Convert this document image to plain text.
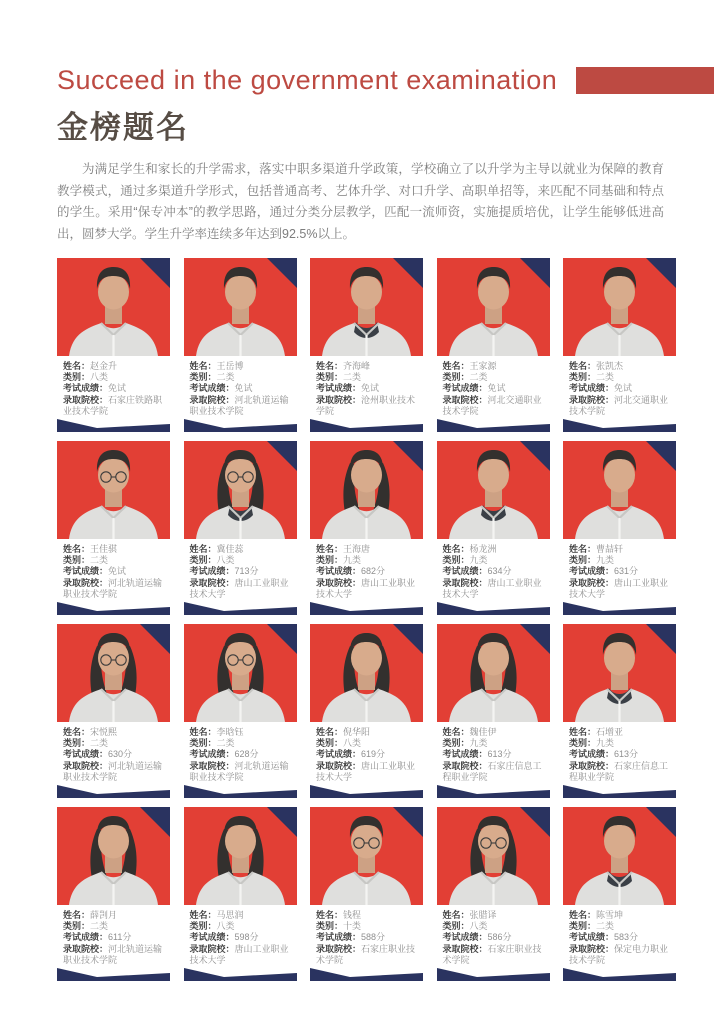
Succeed in the government examination
金榜题名

为满足学生和家长的升学需求，落实中职多渠道升学政策，学校确立了以升学为主导以就业为保障的教育教学模式，通过多渠道升学形式，包括普通高考、艺体升学、对口升学、高职单招等，来匹配不同基础和特点的学生。采用“保专冲本”的教学思路，通过分类分层教学，匹配一流师资，实施提质培优，让学生能够低进高出，圆梦大学。学生升学率连续多年达到92.5%以上。

姓名：赵金升
类别：八类
考试成绩：免试
录取院校：石家庄铁路职业技术学院
姓名：王岳博
类别：二类
考试成绩：免试
录取院校：河北轨道运输职业技术学院
姓名：齐海峰
类别：二类
考试成绩：免试
录取院校：沧州职业技术学院
姓名：王家源
类别：二类
考试成绩：免试
录取院校：河北交通职业技术学院
姓名：张凯杰
类别：二类
考试成绩：免试
录取院校：河北交通职业技术学院
姓名：王佳骐
类别：二类
考试成绩：免试
录取院校：河北轨道运输职业技术学院
姓名：冀佳蕊
类别：八类
考试成绩：713分
录取院校：唐山工业职业技术大学
姓名：王海唐
类别：九类
考试成绩：682分
录取院校：唐山工业职业技术大学
姓名：杨龙洲
类别：九类
考试成绩：634分
录取院校：唐山工业职业技术大学
姓名：曹喆轩
类别：九类
考试成绩：631分
录取院校：唐山工业职业技术大学
姓名：宋悦熙
类别：二类
考试成绩：630分
录取院校：河北轨道运输职业技术学院
姓名：李晗钰
类别：二类
考试成绩：628分
录取院校：河北轨道运输职业技术学院
姓名：倪华阳
类别：八类
考试成绩：619分
录取院校：唐山工业职业技术大学
姓名：魏佳伊
类别：九类
考试成绩：613分
录取院校：石家庄信息工程职业学院
姓名：石增亚
类别：九类
考试成绩：613分
录取院校：石家庄信息工程职业学院
姓名：薛剀月
类别：二类
考试成绩：611分
录取院校：河北轨道运输职业技术学院
姓名：马思润
类别：八类
考试成绩：598分
录取院校：唐山工业职业技术大学
姓名：钱程
类别：十类
考试成绩：588分
录取院校：石家庄职业技术学院
姓名：张腊译
类别：八类
考试成绩：586分
录取院校：石家庄职业技术学院
姓名：陈雪坤
类别：二类
考试成绩：583分
录取院校：保定电力职业技术学院
